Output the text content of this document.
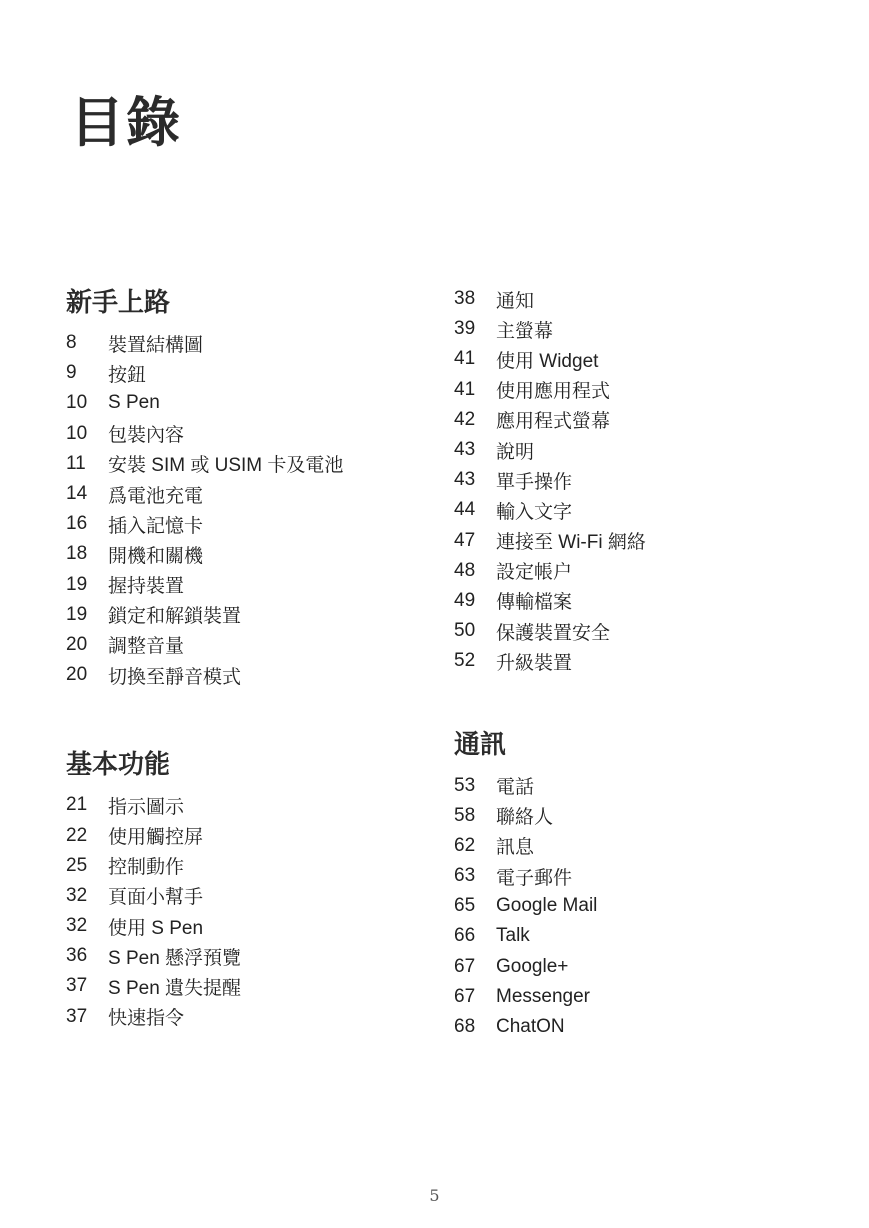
目錄
新手上路
8	裝置結構圖
9	按鈕
10	S Pen
10	包裝內容
11	安裝 SIM 或 USIM 卡及電池
14	爲電池充電
16	插入記憶卡
18	開機和關機
19	握持裝置
19	鎖定和解鎖裝置
20	調整音量
20	切換至靜音模式
基本功能
21	指示圖示
22	使用觸控屏
25	控制動作
32	頁面小幫手
32	使用 S Pen
36	S Pen 懸浮預覽
37	S Pen 遺失提醒
37	快速指令
38	通知
39	主螢幕
41	使用 Widget
41	使用應用程式
42	應用程式螢幕
43	說明
43	單手操作
44	輸入文字
47	連接至 Wi-Fi 網絡
48	設定帳户
49	傳輸檔案
50	保護裝置安全
52	升級裝置
通訊
53	電話
58	聯絡人
62	訊息
63	電子郵件
65	Google Mail
66	Talk
67	Google+
67	Messenger
68	ChatON
5
